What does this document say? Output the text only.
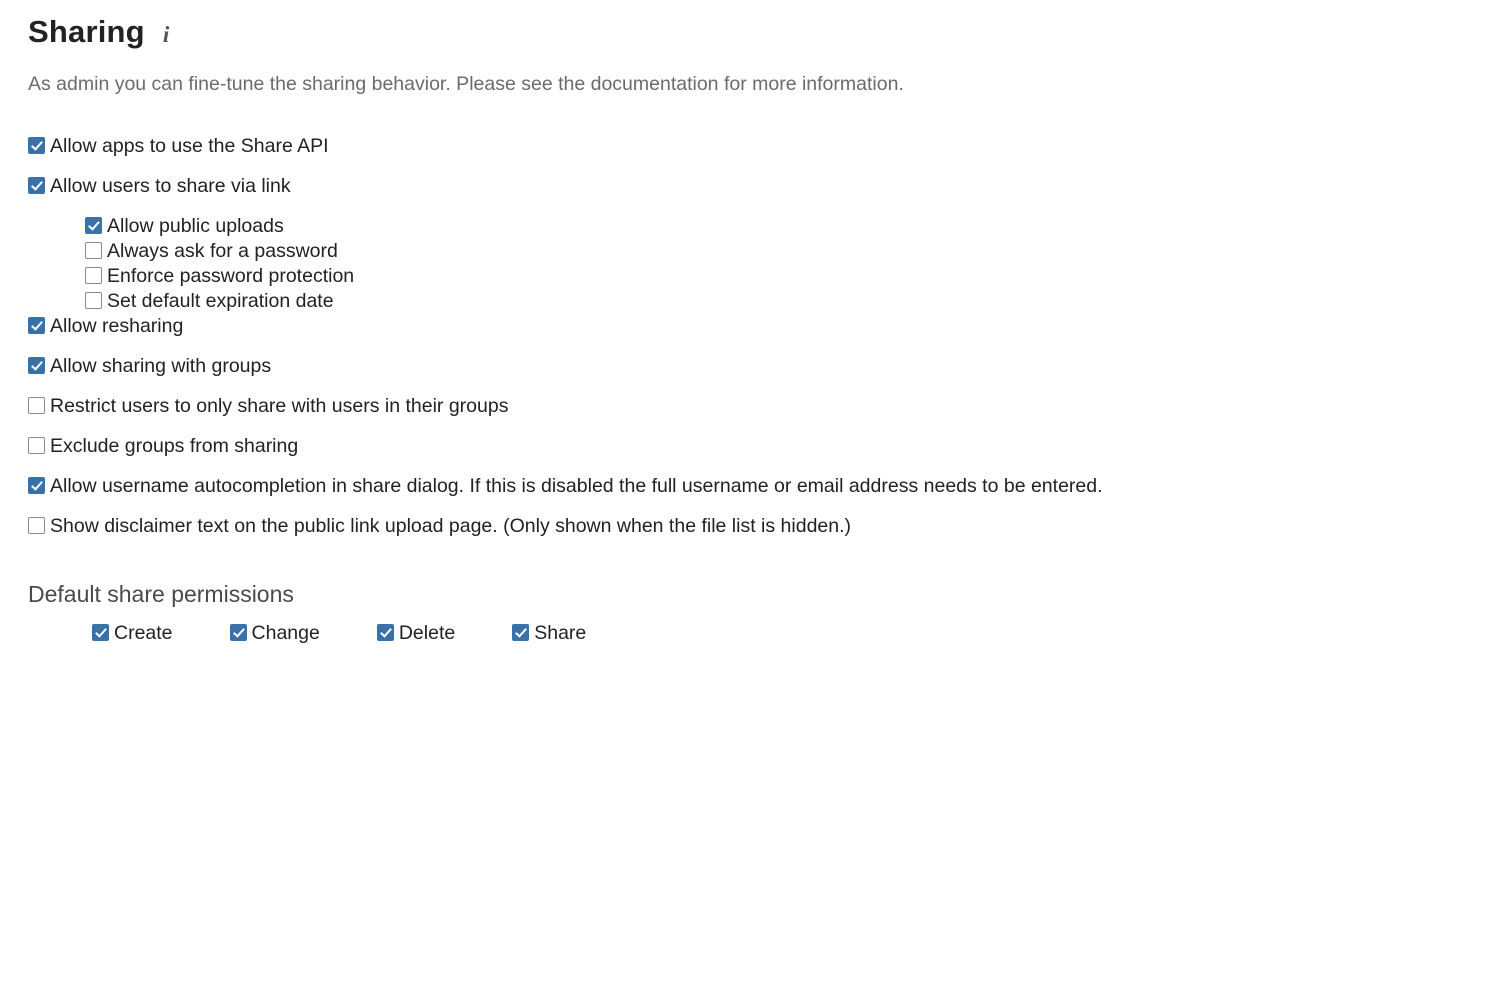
Sharing i

As admin you can fine-tune the sharing behavior. Please see the documentation for more information.

Allow apps to use the Share API
Allow users to share via link
Allow public uploads
Always ask for a password
Enforce password protection
Set default expiration date
Allow resharing
Allow sharing with groups
Restrict users to only share with users in their groups
Exclude groups from sharing
Allow username autocompletion in share dialog. If this is disabled the full username or email address needs to be entered.
Show disclaimer text on the public link upload page. (Only shown when the file list is hidden.)
Default share permissions
Create	Change	Delete	Share
